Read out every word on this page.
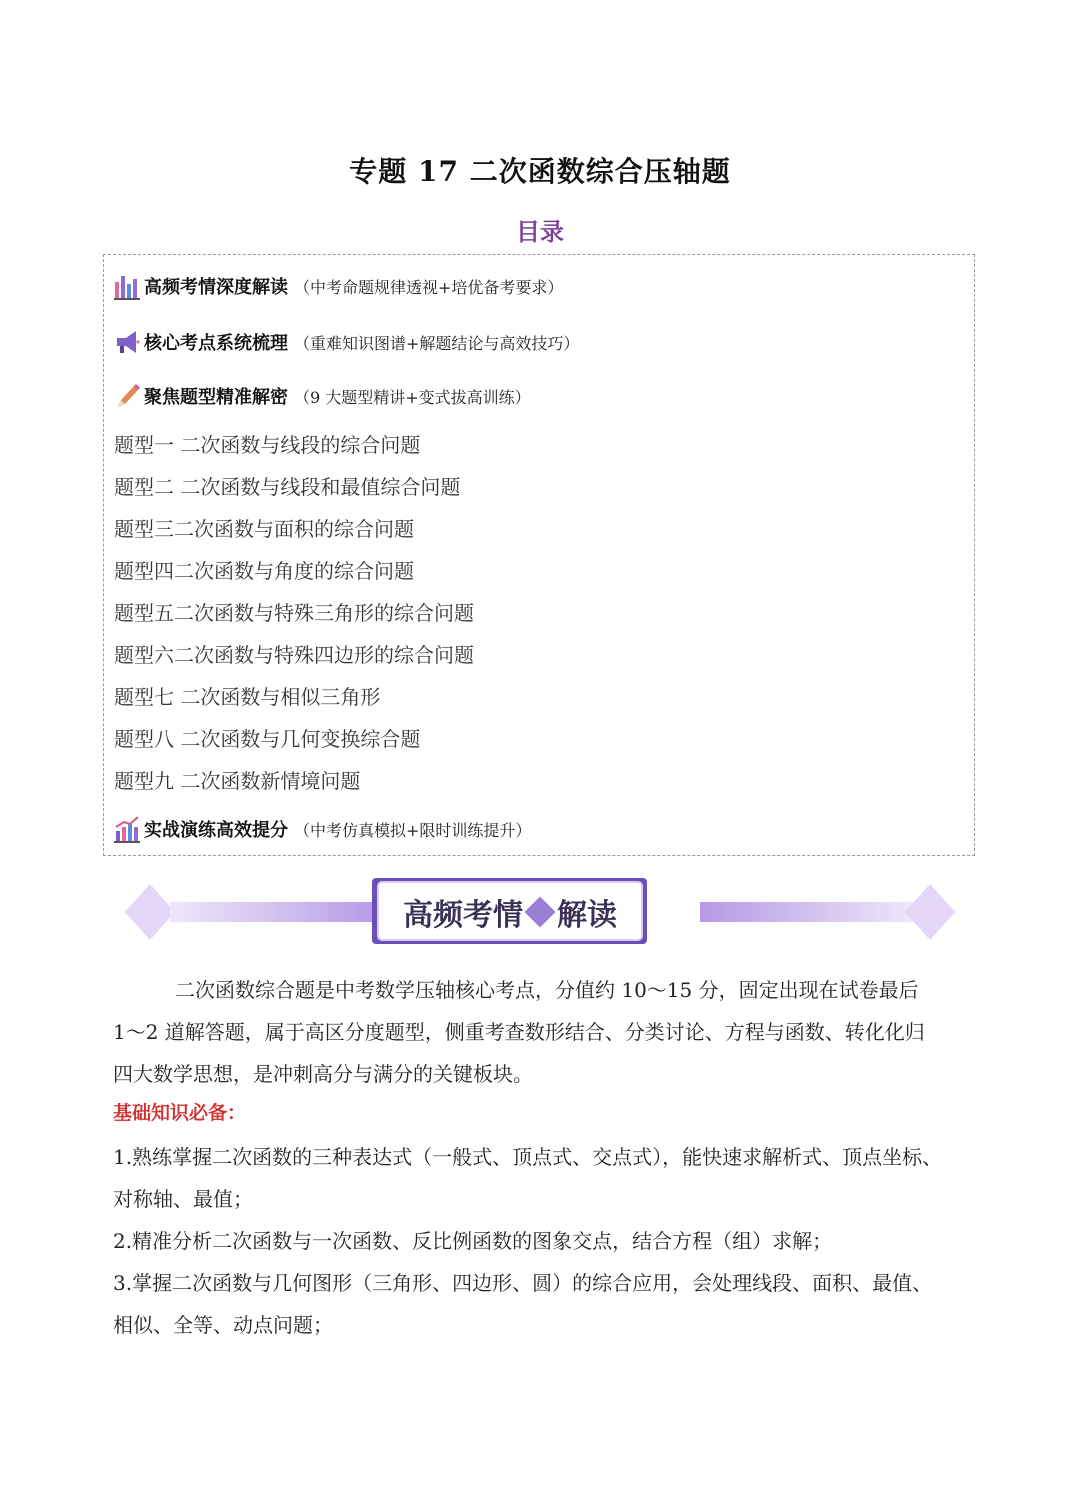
专题 17 二次函数综合压轴题
目录
高频考情深度解读 （中考命题规律透视+培优备考要求）
核心考点系统梳理 （重难知识图谱+解题结论与高效技巧）
聚焦题型精准解密 （9 大题型精讲+变式拔高训练）
题型一 二次函数与线段的综合问题
题型二 二次函数与线段和最值综合问题
题型三二次函数与面积的综合问题
题型四二次函数与角度的综合问题
题型五二次函数与特殊三角形的综合问题
题型六二次函数与特殊四边形的综合问题
题型七 二次函数与相似三角形
题型八 二次函数与几何变换综合题
题型九 二次函数新情境问题
实战演练高效提分 （中考仿真模拟+限时训练提升）
高频考情 解读
二次函数综合题是中考数学压轴核心考点，分值约 10～15 分，固定出现在试卷最后
1～2 道解答题，属于高区分度题型，侧重考查数形结合、分类讨论、方程与函数、转化化归
四大数学思想，是冲刺高分与满分的关键板块。
基础知识必备：
1.熟练掌握二次函数的三种表达式（一般式、顶点式、交点式），能快速求解析式、顶点坐标、
对称轴、最值；
2.精准分析二次函数与一次函数、反比例函数的图象交点，结合方程（组）求解；
3.掌握二次函数与几何图形（三角形、四边形、圆）的综合应用，会处理线段、面积、最值、
相似、全等、动点问题；
